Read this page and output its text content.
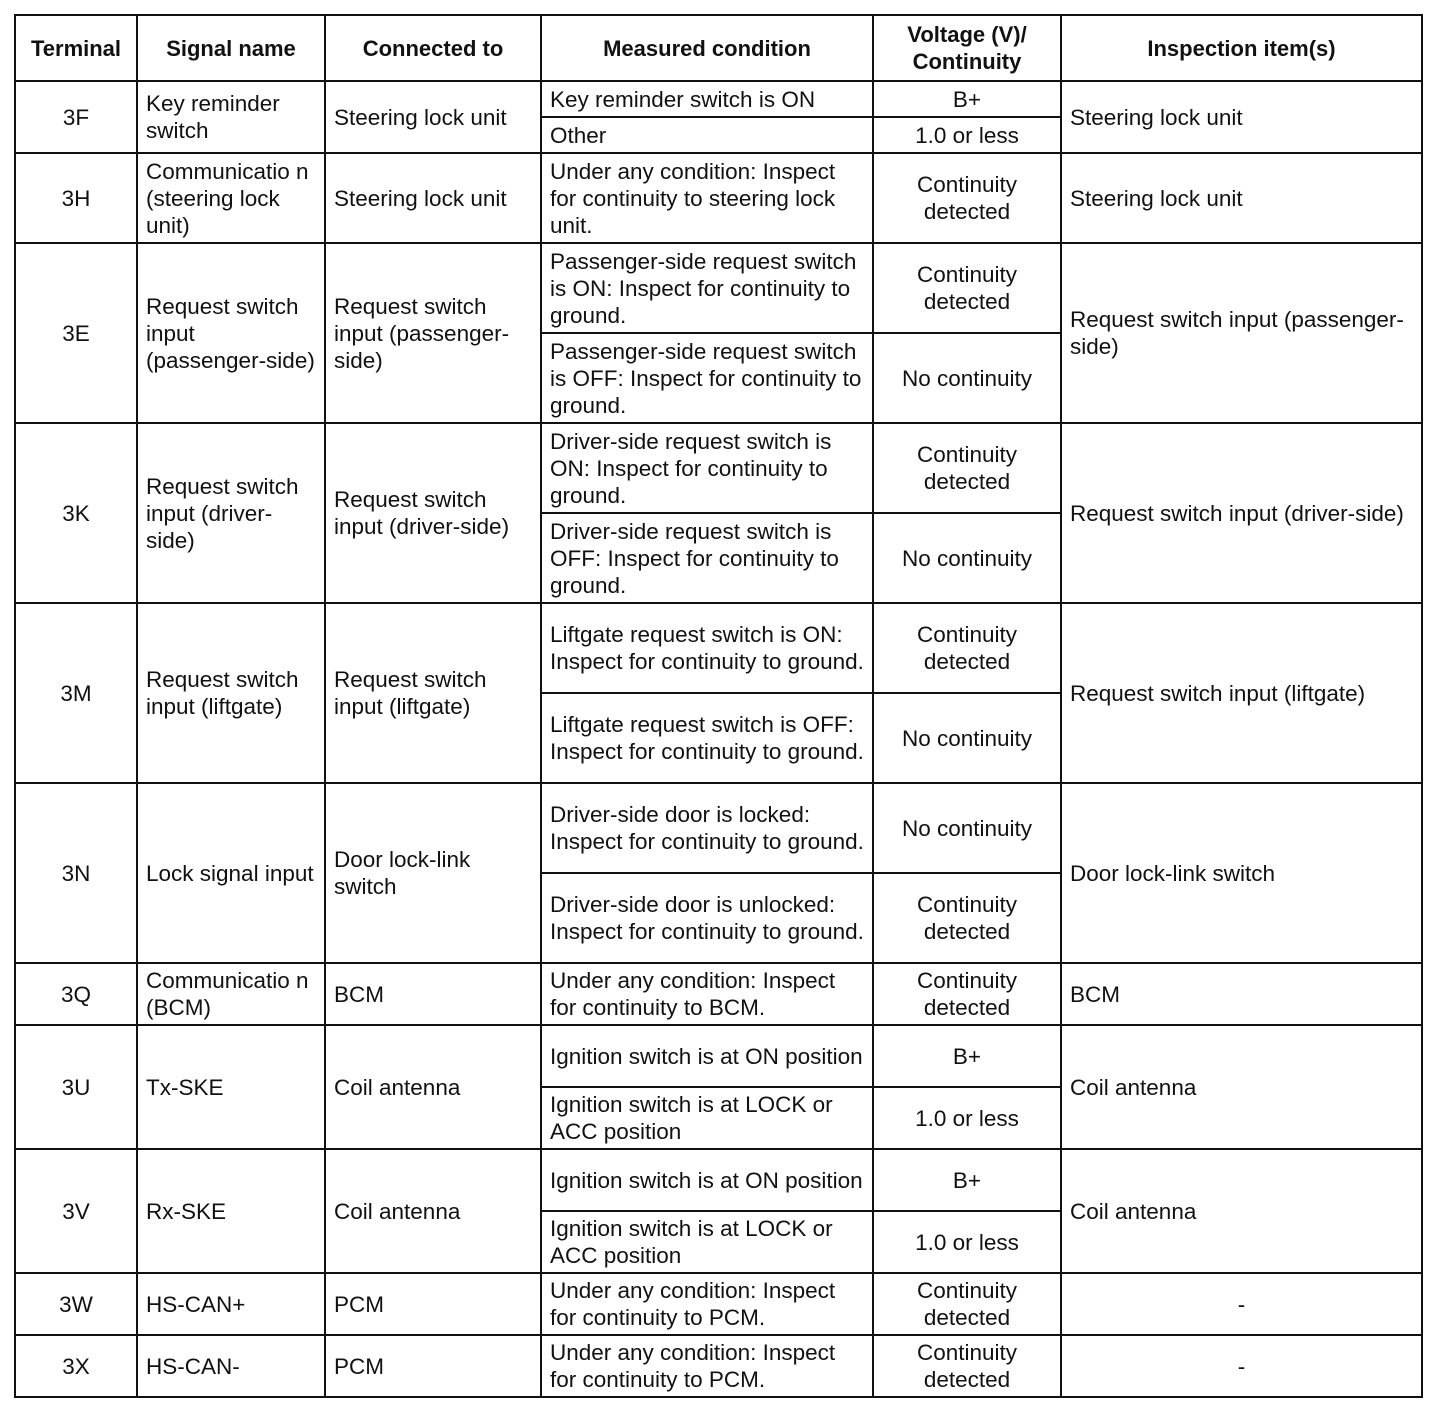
Terminal	Signal name	Connected to	Measured condition	Voltage (V)/ Continuity	Inspection item(s)
3F	Key reminder switch	Steering lock unit	Key reminder switch is ON	B+	Steering lock unit
			Other	1.0 or less	
3H	Communicatio n (steering lock unit)	Steering lock unit	Under any condition: Inspect for continuity to steering lock unit.	Continuity detected	Steering lock unit
3E	Request switch input (passenger-side)	Request switch input (passenger-side)	Passenger-side request switch is ON: Inspect for continuity to ground.	Continuity detected	Request switch input (passenger-side)
			Passenger-side request switch is OFF: Inspect for continuity to ground.	No continuity	
3K	Request switch input (driver-side)	Request switch input (driver-side)	Driver-side request switch is ON: Inspect for continuity to ground.	Continuity detected	Request switch input (driver-side)
			Driver-side request switch is OFF: Inspect for continuity to ground.	No continuity	
3M	Request switch input (liftgate)	Request switch input (liftgate)	Liftgate request switch is ON: Inspect for continuity to ground.	Continuity detected	Request switch input (liftgate)
			Liftgate request switch is OFF: Inspect for continuity to ground.	No continuity	
3N	Lock signal input	Door lock-link switch	Driver-side door is locked: Inspect for continuity to ground.	No continuity	Door lock-link switch
			Driver-side door is unlocked: Inspect for continuity to ground.	Continuity detected	
3Q	Communicatio n (BCM)	BCM	Under any condition: Inspect for continuity to BCM.	Continuity detected	BCM
3U	Tx-SKE	Coil antenna	Ignition switch is at ON position	B+	Coil antenna
			Ignition switch is at LOCK or ACC position	1.0 or less	
3V	Rx-SKE	Coil antenna	Ignition switch is at ON position	B+	Coil antenna
			Ignition switch is at LOCK or ACC position	1.0 or less	
3W	HS-CAN+	PCM	Under any condition: Inspect for continuity to PCM.	Continuity detected	-
3X	HS-CAN-	PCM	Under any condition: Inspect for continuity to PCM.	Continuity detected	-
